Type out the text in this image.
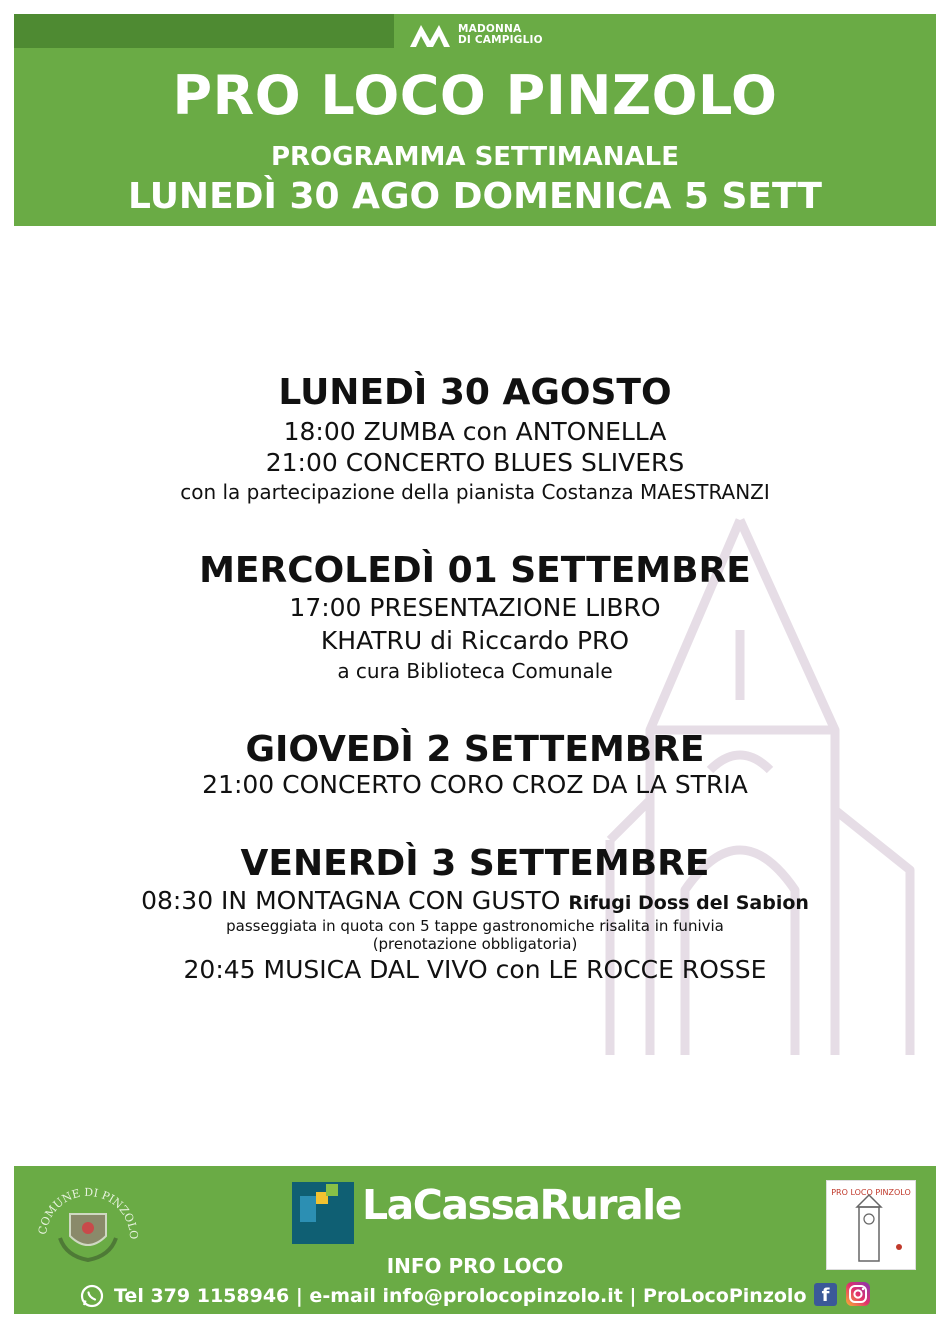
MADONNA
DI CAMPIGLIO
PRO LOCO PINZOLO
PROGRAMMA SETTIMANALE
LUNEDÌ 30 AGO DOMENICA 5 SETT
LUNEDÌ 30 AGOSTO
18:00 ZUMBA con ANTONELLA
21:00 CONCERTO BLUES SLIVERS
con la partecipazione della pianista Costanza MAESTRANZI
MERCOLEDÌ 01 SETTEMBRE
17:00 PRESENTAZIONE LIBRO
KHATRU di Riccardo PRO
a cura Biblioteca Comunale
GIOVEDÌ 2 SETTEMBRE
21:00 CONCERTO CORO CROZ DA LA STRIA
VENERDÌ 3 SETTEMBRE
08:30 IN MONTAGNA CON GUSTO Rifugi Doss del Sabion
passeggiata in quota con 5 tappe gastronomiche risalita in funivia
(prenotazione obbligatoria)
20:45 MUSICA DAL VIVO con LE ROCCE ROSSE
COMUNE DI PINZOLO
LaCassaRurale	PRO LOCO PINZOLO
INFO PRO LOCO
Tel 379 1158946 | e-mail info@prolocopinzolo.it | ProLocoPinzolo f
